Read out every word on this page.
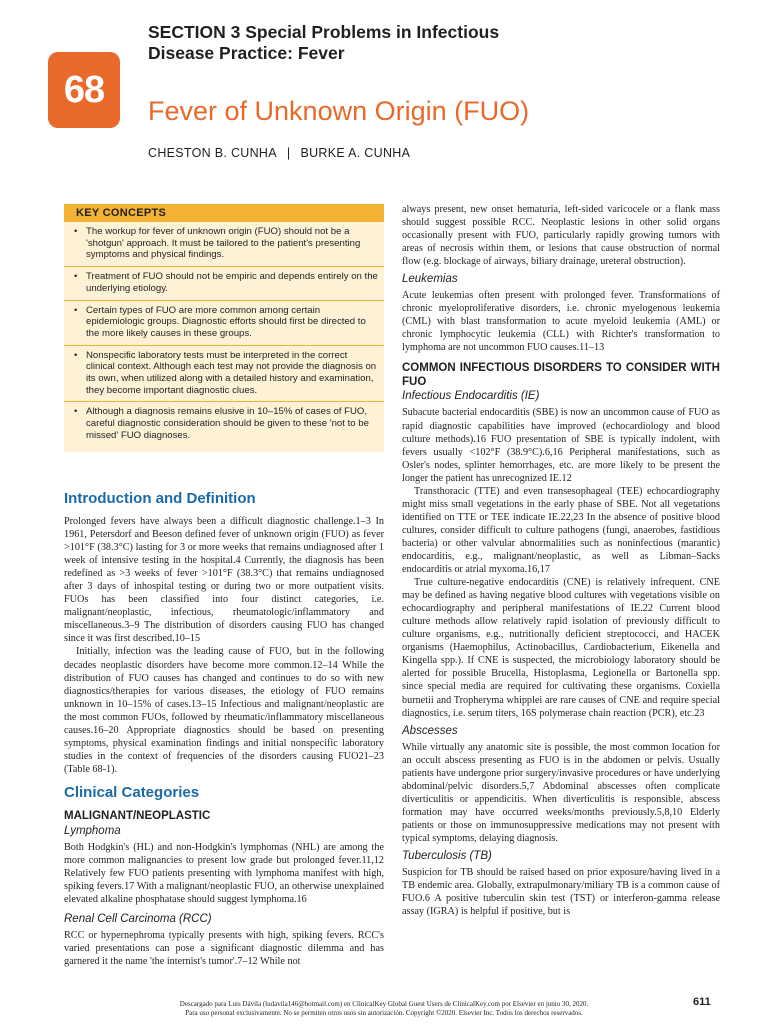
SECTION 3 Special Problems in Infectious Disease Practice: Fever
68
Fever of Unknown Origin (FUO)
CHESTON B. CUNHA | BURKE A. CUNHA
KEY CONCEPTS
• The workup for fever of unknown origin (FUO) should not be a 'shotgun' approach. It must be tailored to the patient's presenting symptoms and physical findings.
• Treatment of FUO should not be empiric and depends entirely on the underlying etiology.
• Certain types of FUO are more common among certain epidemiologic groups. Diagnostic efforts should first be directed to the more likely causes in these groups.
• Nonspecific laboratory tests must be interpreted in the correct clinical context. Although each test may not provide the diagnosis on its own, when utilized along with a detailed history and examination, they become important diagnostic clues.
• Although a diagnosis remains elusive in 10–15% of cases of FUO, careful diagnostic consideration should be given to these 'not to be missed' FUO diagnoses.
Introduction and Definition

Prolonged fevers have always been a difficult diagnostic challenge.1–3 In 1961, Petersdorf and Beeson defined fever of unknown origin (FUO) as fever >101°F (38.3°C) lasting for 3 or more weeks that remains undiagnosed after 1 week of intensive testing in the hospital.4 Currently, the diagnosis has been redefined as >3 weeks of fever >101°F (38.3°C) that remains undiagnosed after 3 days of inhospital testing or during two or more outpatient visits. FUOs has been classified into four distinct categories, i.e. malignant/neoplastic, infectious, rheumatologic/inflammatory and miscellaneous.3–9 The distribution of disorders causing FUO has changed since it was first described.10–15

Initially, infection was the leading cause of FUO, but in the following decades neoplastic disorders have become more common.12–14 While the distribution of FUO causes has changed and continues to do so with new diagnostics/therapies for various diseases, the etiology of FUO remains unknown in 10–15% of cases.13–15 Infectious and malignant/neoplastic are the most common FUOs, followed by rheumatic/inflammatory miscellaneous causes.16–20 Appropriate diagnostics should be based on presenting symptoms, physical examination findings and initial nonspecific laboratory studies in the context of frequencies of the disorders causing FUO21–23 (Table 68-1).

Clinical Categories
MALIGNANT/NEOPLASTIC
Lymphoma

Both Hodgkin's (HL) and non-Hodgkin's lymphomas (NHL) are among the more common malignancies to present low grade but prolonged fever.11,12 Relatively few FUO patients presenting with lymphoma manifest with high, spiking fevers.17 With a malignant/neoplastic FUO, an otherwise unexplained elevated alkaline phosphatase should suggest lymphoma.16

Renal Cell Carcinoma (RCC)

RCC or hypernephroma typically presents with high, spiking fevers. RCC's varied presentations can pose a significant diagnostic dilemma and has garnered it the name 'the internist's tumor'.7–12 While not

always present, new onset hematuria, left-sided varicocele or a flank mass should suggest possible RCC. Neoplastic lesions in other solid organs occasionally present with FUO, particularly rapidly growing tumors with areas of necrosis within them, or lesions that cause obstruction of normal flow (e.g. blockage of airways, biliary drainage, ureteral obstruction).

Leukemias

Acute leukemias often present with prolonged fever. Transformations of chronic myeloproliferative disorders, i.e. chronic myelogenous leukemia (CML) with blast transformation to acute myeloid leukemia (AML) or chronic lymphocytic leukemia (CLL) with Richter's transformation to lymphoma are not uncommon FUO causes.11–13

COMMON INFECTIOUS DISORDERS TO CONSIDER WITH FUO
Infectious Endocarditis (IE)

Subacute bacterial endocarditis (SBE) is now an uncommon cause of FUO as rapid diagnostic capabilities have improved (echocardiology and blood culture methods).16 FUO presentation of SBE is typically indolent, with fevers usually <102°F (38.9°C).6,16 Peripheral manifestations, such as Osler's nodes, splinter hemorrhages, etc. are more likely to be present the longer the patient has unrecognized IE.12

Transthoracic (TTE) and even transesophageal (TEE) echocardiography might miss small vegetations in the early phase of SBE. Not all vegetations identified on TTE or TEE indicate IE.22,23 In the absence of positive blood cultures, consider difficult to culture pathogens (fungi, anaerobes, fastidious bacteria) or other valvular abnormalities such as noninfectious (marantic) endocarditis, e.g., malignant/neoplastic, as well as Libman–Sacks endocarditis or atrial myxoma.16,17

True culture-negative endocarditis (CNE) is relatively infrequent. CNE may be defined as having negative blood cultures with vegetations visible on echocardiography and peripheral manifestations of IE.22 Current blood culture methods allow relatively rapid isolation of previously difficult to culture organisms, e.g., nutritionally deficient streptococci, and HACEK organisms (Haemophilus, Actinobacillus, Cardiobacterium, Eikenella and Kingella spp.). If CNE is suspected, the microbiology laboratory should be alerted for possible Brucella, Histoplasma, Legionella or Bartonella spp. since special media are required for cultivating these organisms. Coxiella burnetii and Tropheryma whipplei are rare causes of CNE and require special diagnostics, i.e. serum titers, 16S polymerase chain reaction (PCR), etc.23

Abscesses

While virtually any anatomic site is possible, the most common location for an occult abscess presenting as FUO is in the abdomen or pelvis. Usually patients have undergone prior surgery/invasive procedures or have underlying abdominal/pelvic disorders.5,7 Abdominal abscesses often complicate diverticulitis or appendicitis. When diverticulitis is responsible, abscess formation may have occurred weeks/months previously.5,8,10 Elderly patients or those on immunosuppressive medications may not present with typical symptoms, delaying diagnosis.

Tuberculosis (TB)

Suspicion for TB should be raised based on prior exposure/having lived in a TB endemic area. Globally, extrapulmonary/miliary TB is a common cause of FUO.6 A positive tuberculin skin test (TST) or interferon-gamma release assay (IGRA) is helpful if positive, but is

611
Descargado para Luis Dávila (ludavila146@hotmail.com) en ClinicalKey Global Guest Users de ClinicalKey.com por Elsevier en junio 30, 2020.
Para uso personal exclusivamente. No se permiten otros usos sin autorización. Copyright ©2020. Elsevier Inc. Todos los derechos reservados.
